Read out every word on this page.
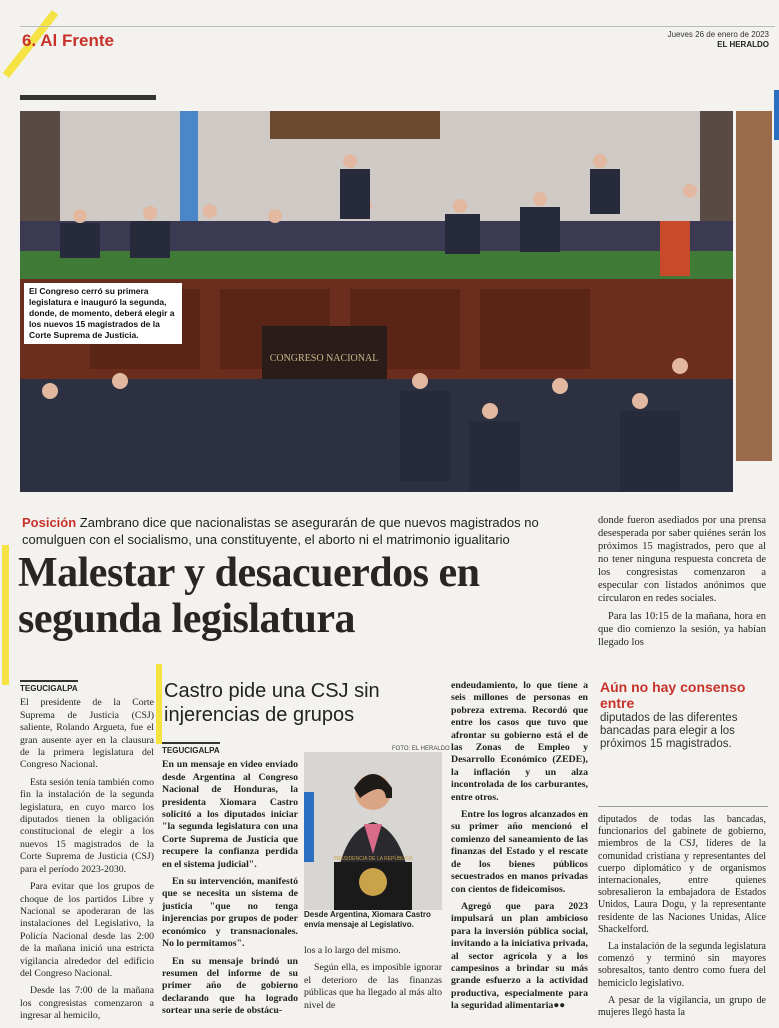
6. Al Frente	Jueves 26 de enero de 2023
EL HERALDO
CONGRESO NACIONAL
El Congreso cerró su primera legislatura e inauguró la segunda, donde, de momento, deberá elegir a los nuevos 15 magistrados de la Corte Suprema de Justicia.
Posición Zambrano dice que nacionalistas se asegurarán de que nuevos magistrados no comulguen con el socialismo, una constituyente, el aborto ni el matrimonio igualitario
Malestar y desacuerdos en segunda legislatura
TEGUCIGALPA

El presidente de la Corte Suprema de Justicia (CSJ) saliente, Rolando Argueta, fue el gran ausente ayer en la clausura de la primera legislatura del Congreso Nacional.

Esta sesión tenía también como fin la instalación de la segunda legislatura, en cuyo marco los diputados tienen la obligación constitucional de elegir a los nuevos 15 magistrados de la Corte Suprema de Justicia (CSJ) para el período 2023-2030.

Para evitar que los grupos de choque de los partidos Libre y Nacional se apoderaran de las instalaciones del Legislativo, la Policía Nacional desde las 2:00 de la mañana inició una estricta vigilancia alrededor del edificio del Congreso Nacional.

Desde las 7:00 de la mañana los congresistas comenzaron a ingresar al hemicilo,

Castro pide una CSJ sin injerencias de grupos
FOTO: EL HERALDO
TEGUCIGALPA

En un mensaje en video enviado desde Argentina al Congreso Nacional de Honduras, la presidenta Xiomara Castro solicitó a los diputados iniciar "la segunda legislatura con una Corte Suprema de Justicia que recupere la confianza perdida en el sistema judicial".

En su intervención, manifestó que se necesita un sistema de justicia "que no tenga injerencias por grupos de poder económico y transnacionales. No lo permitamos".

En su mensaje brindó un resumen del informe de su primer año de gobierno declarando que ha logrado sortear una serie de obstácu-

PRESIDENCIA DE LA REPÚBLICA
Desde Argentina, Xiomara Castro envía mensaje al Legislativo.

los a lo largo del mismo.

Según ella, es imposible ignorar el deterioro de las finanzas públicas que ha llegado al más alto nivel de

endeudamiento, lo que tiene a seis millones de personas en pobreza extrema. Recordó que entre los casos que tuvo que afrontar su gobierno está el de las Zonas de Empleo y Desarrollo Económico (ZEDE), la inflación y un alza incontrolada de los carburantes, entre otros.

Entre los logros alcanzados en su primer año mencionó el comienzo del saneamiento de las finanzas del Estado y el rescate de los bienes públicos secuestrados en manos privadas con cientos de fideicomisos.

Agregó que para 2023 impulsará un plan ambicioso para la inversión pública social, invitando a la iniciativa privada, al sector agrícola y a los campesinos a brindar su más grande esfuerzo a la actividad productiva, especialmente para la seguridad alimentaria●●

donde fueron asediados por una prensa desesperada por saber quiénes serán los próximos 15 magistrados, pero que al no tener ninguna respuesta concreta de los congresistas comenzaron a especular con listados anónimos que circularon en redes sociales.

Para las 10:15 de la mañana, hora en que dio comienzo la sesión, ya habían llegado los

Aún no hay consenso entre
diputados de las diferentes bancadas para elegir a los próximos 15 magistrados.

diputados de todas las bancadas, funcionarios del gabinete de gobierno, miembros de la CSJ, líderes de la comunidad cristiana y representantes del cuerpo diplomático y de organismos internacionales, entre quienes sobresalieron la embajadora de Estados Unidos, Laura Dogu, y la representante residente de las Naciones Unidas, Alice Shackelford.

La instalación de la segunda legislatura comenzó y terminó sin mayores sobresaltos, tanto dentro como fuera del hemiciclo legislativo.

A pesar de la vigilancia, un grupo de mujeres llegó hasta la
